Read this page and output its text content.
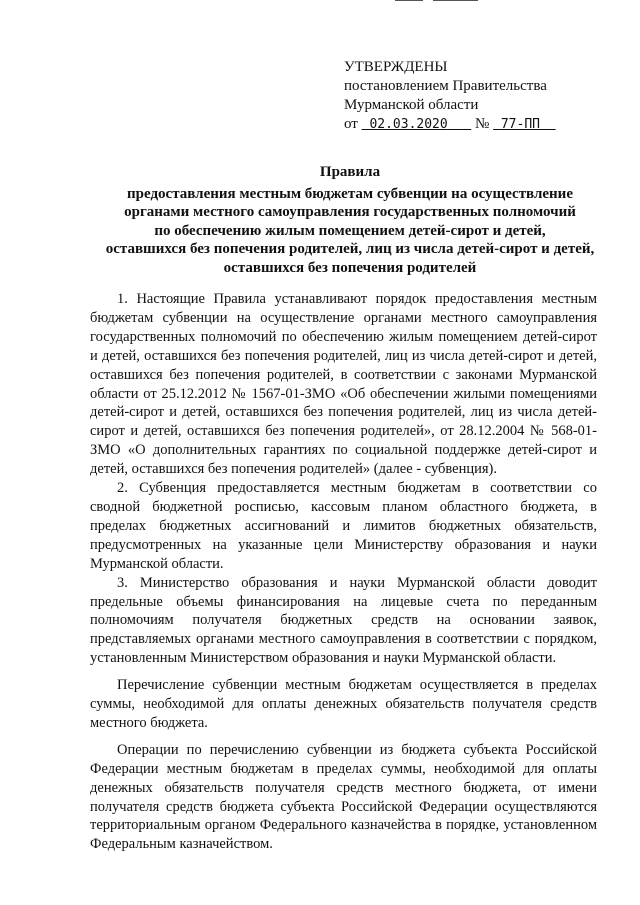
УТВЕРЖДЕНЫ
постановлением Правительства
Мурманской области
от 02.03.2020 № 77-ПП
Правила
предоставления местным бюджетам субвенции на осуществление
органами местного самоуправления государственных полномочий
по обеспечению жилым помещением детей-сирот и детей,
оставшихся без попечения родителей, лиц из числа детей-сирот и детей,
оставшихся без попечения родителей

1. Настоящие Правила устанавливают порядок предоставления местным бюджетам субвенции на осуществление органами местного самоуправления государственных полномочий по обеспечению жилым помещением детей-сирот и детей, оставшихся без попечения родителей, лиц из числа детей-сирот и детей, оставшихся без попечения родителей, в соответствии с законами Мурманской области от 25.12.2012 № 1567-01-ЗМО «Об обеспечении жилыми помещениями детей-сирот и детей, оставшихся без попечения родителей, лиц из числа детей-сирот и детей, оставшихся без попечения родителей», от 28.12.2004 № 568-01-ЗМО «О дополнительных гарантиях по социальной поддержке детей-сирот и детей, оставшихся без попечения родителей» (далее - субвенция).

2. Субвенция предоставляется местным бюджетам в соответствии со сводной бюджетной росписью, кассовым планом областного бюджета, в пределах бюджетных ассигнований и лимитов бюджетных обязательств, предусмотренных на указанные цели Министерству образования и науки Мурманской области.

3. Министерство образования и науки Мурманской области доводит предельные объемы финансирования на лицевые счета по переданным полномочиям получателя бюджетных средств на основании заявок, представляемых органами местного самоуправления в соответствии с порядком, установленным Министерством образования и науки Мурманской области.

Перечисление субвенции местным бюджетам осуществляется в пределах суммы, необходимой для оплаты денежных обязательств получателя средств местного бюджета.

Операции по перечислению субвенции из бюджета субъекта Российской Федерации местным бюджетам в пределах суммы, необходимой для оплаты денежных обязательств получателя средств местного бюджета, от имени получателя средств бюджета субъекта Российской Федерации осуществляются территориальным органом Федерального казначейства в порядке, установленном Федеральным казначейством.
